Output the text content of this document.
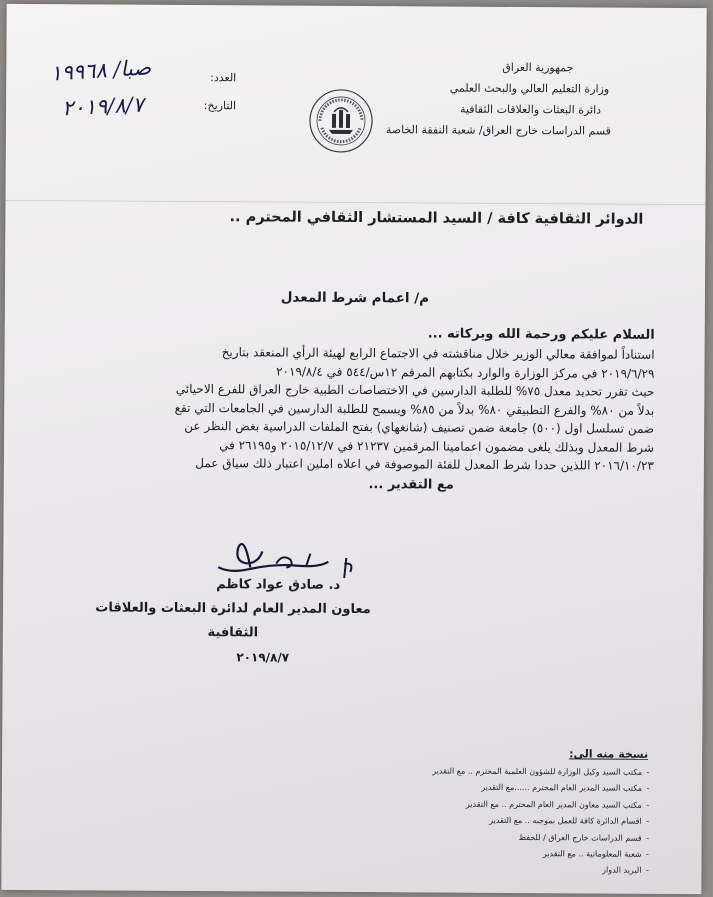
جمهورية العراق
وزارة التعليم العالي والبحث العلمي
دائرة البعثات والعلاقات الثقافية
قسم الدراسات خارج العراق/ شعبة النفقة الخاصة
العدد:
صبا/ ١٩٩٦٨
التاريخ:
٢٠١٩/٨/٧
الدوائر الثقافية كافة / السيد المستشار الثقافي المحترم ..
م/ اعمام شرط المعدل
السلام عليكم ورحمة الله وبركاته ...
استناداً لموافقة معالي الوزير خلال مناقشته في الاجتماع الرابع لهيئة الرأي المنعقد بتاريخ
٢٠١٩/٦/٢٩ في مركز الوزارة والوارد بكتابهم المرقم ١٢س/٥٤٤ في ٢٠١٩/٨/٤
حيث تقرر تحديد معدل ٧٥% للطلبة الدارسين في الاختصاصات الطبية خارج العراق للفرع الاحيائي
بدلاً من ٨٠% والفرع التطبيقي ٨٠% بدلاً من ٨٥% ويسمح للطلبة الدارسين في الجامعات التي تقع
ضمن تسلسل اول (٥٠٠) جامعة ضمن تصنيف (شانغهاي) بفتح الملفات الدراسية بغض النظر عن
شرط المعدل وبذلك يلغى مضمون اعمامينا المرقمين ٢١٢٣٧ في ٢٠١٥/١٢/٧ و٢٦١٩٥ في
٢٠١٦/١٠/٢٣ اللذين حددا شرط المعدل للفئة الموصوفة في اعلاه املين اعتبار ذلك سياق عمل
مع التقدير ...
د. صادق عواد كاظم
معاون المدير العام لدائرة البعثات والعلاقات الثقافية
٢٠١٩/٨/٧
نسخة منه الى:
- مكتب السيد وكيل الوزارة للشؤون العلمية المحترم .. مع التقدير
- مكتب السيد المدير العام المحترم ......مع التقدير
- مكتب السيد معاون المدير العام المحترم .. مع التقدير
- اقسام الدائرة كافة للعمل بموجبه .. مع التقدير
- قسم الدراسات خارج العراق / للحفظ
- شعبة المعلوماتية .. مع التقدير
- البريد الدوار
